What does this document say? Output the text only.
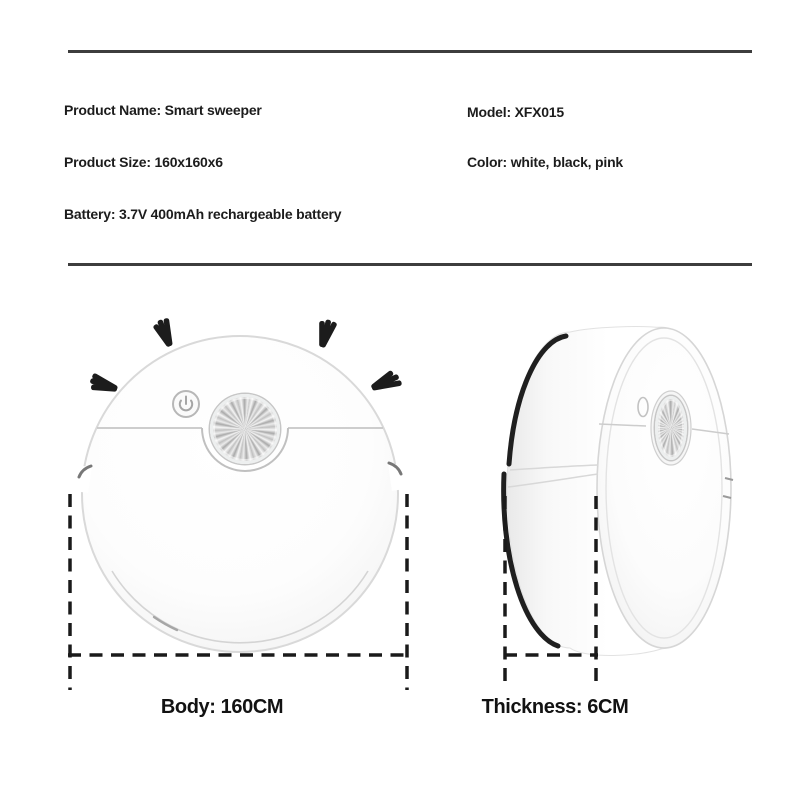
Product Name: Smart sweeper	Model: XFX015
Product Size: 160x160x6	Color: white, black, pink
Battery: 3.7V 400mAh rechargeable battery
Body: 160CM	Thickness: 6CM
